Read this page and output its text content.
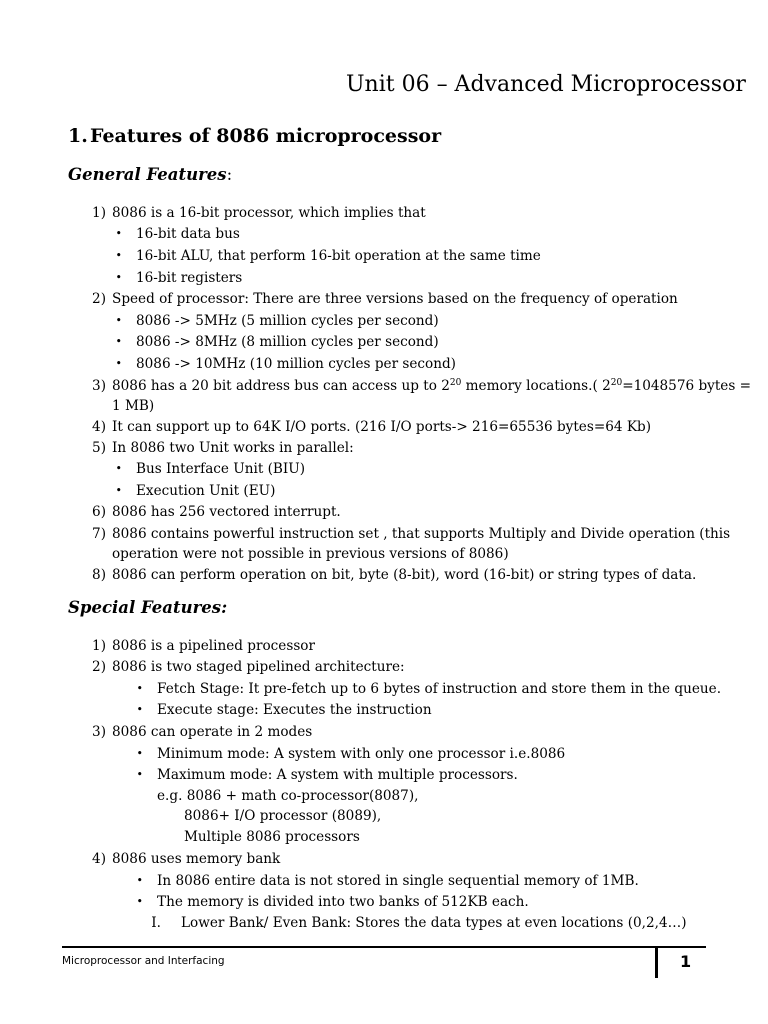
Unit 06 – Advanced Microprocessor
1. Features of 8086 microprocessor
General Features:
1) 8086 is a 16-bit processor, which implies that
• 16-bit data bus
• 16-bit ALU, that perform 16-bit operation at the same time
• 16-bit registers
2) Speed of processor: There are three versions based on the frequency of operation
• 8086 -> 5MHz (5 million cycles per second)
• 8086 -> 8MHz (8 million cycles per second)
• 8086 -> 10MHz (10 million cycles per second)
3) 8086 has a 20 bit address bus can access up to $2^{20}$ memory locations.( $2^{20}=1048576$ bytes =
1 MB)
4) It can support up to 64K I/O ports. (216 I/O ports-> 216=65536 bytes=64 Kb)
5) In 8086 two Unit works in parallel:
• Bus Interface Unit (BIU)
• Execution Unit (EU)
6) 8086 has 256 vectored interrupt.
7) 8086 contains powerful instruction set , that supports Multiply and Divide operation (this
operation were not possible in previous versions of 8086)
8) 8086 can perform operation on bit, byte (8-bit), word (16-bit) or string types of data.
Special Features:
1) 8086 is a pipelined processor
2) 8086 is two staged pipelined architecture:
• Fetch Stage: It pre-fetch up to 6 bytes of instruction and store them in the queue.
• Execute stage: Executes the instruction
3) 8086 can operate in 2 modes
• Minimum mode: A system with only one processor i.e.8086
• Maximum mode: A system with multiple processors.
e.g. 8086 + math co-processor(8087),
8086+ I/O processor (8089),
Multiple 8086 processors
4) 8086 uses memory bank
• In 8086 entire data is not stored in single sequential memory of 1MB.
• The memory is divided into two banks of 512KB each.
I. Lower Bank/ Even Bank: Stores the data types at even locations (0,2,4…)
Microprocessor and Interfacing	1
